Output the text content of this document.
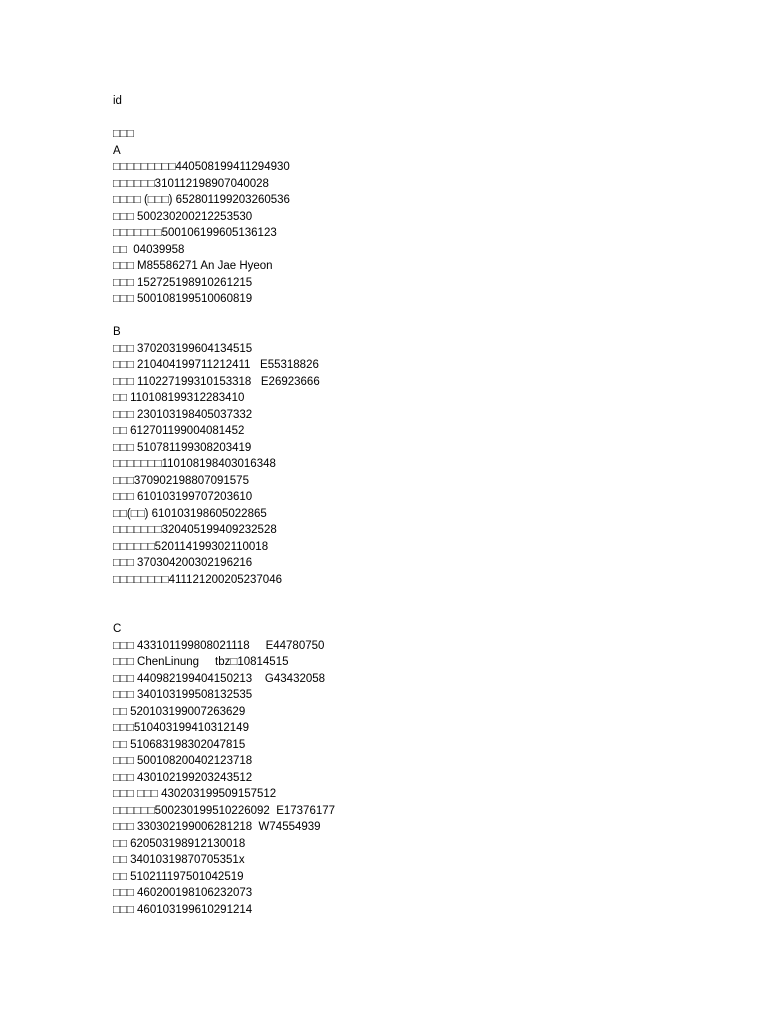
id
□□□
A
□□□□□□□□□440508199411294930
□□□□□□310112198907040028
□□□□ (□□□) 652801199203260536
□□□ 500230200212253530
□□□□□□□500106199605136123
□□  04039958
□□□ M85586271 An Jae Hyeon
□□□ 152725198910261215
□□□ 500108199510060819
B
□□□ 370203199604134515
□□□ 210404199711212411   E55318826
□□□ 110227199310153318   E26923666
□□ 110108199312283410
□□□ 230103198405037332
□□ 612701199004081452
□□□ 510781199308203419
□□□□□□□110108198403016348
□□□370902198807091575
□□□ 610103199707203610
□□(□□) 610103198605022865
□□□□□□□320405199409232528
□□□□□□520114199302110018
□□□ 370304200302196216
□□□□□□□□411121200205237046
C
□□□ 433101199808021118     E44780750
□□□ ChenLinung     tbz□10814515
□□□ 440982199404150213    G43432058
□□□ 340103199508132535
□□ 520103199007263629
□□□510403199410312149
□□ 510683198302047815
□□□ 500108200402123718
□□□ 430102199203243512
□□□ □□□ 430203199509157512
□□□□□□500230199510226092  E17376177
□□□ 330302199006281218  W74554939
□□ 620503198912130018
□□ 34010319870705351x
□□ 510211197501042519
□□□ 460200198106232073
□□□ 460103199610291214
